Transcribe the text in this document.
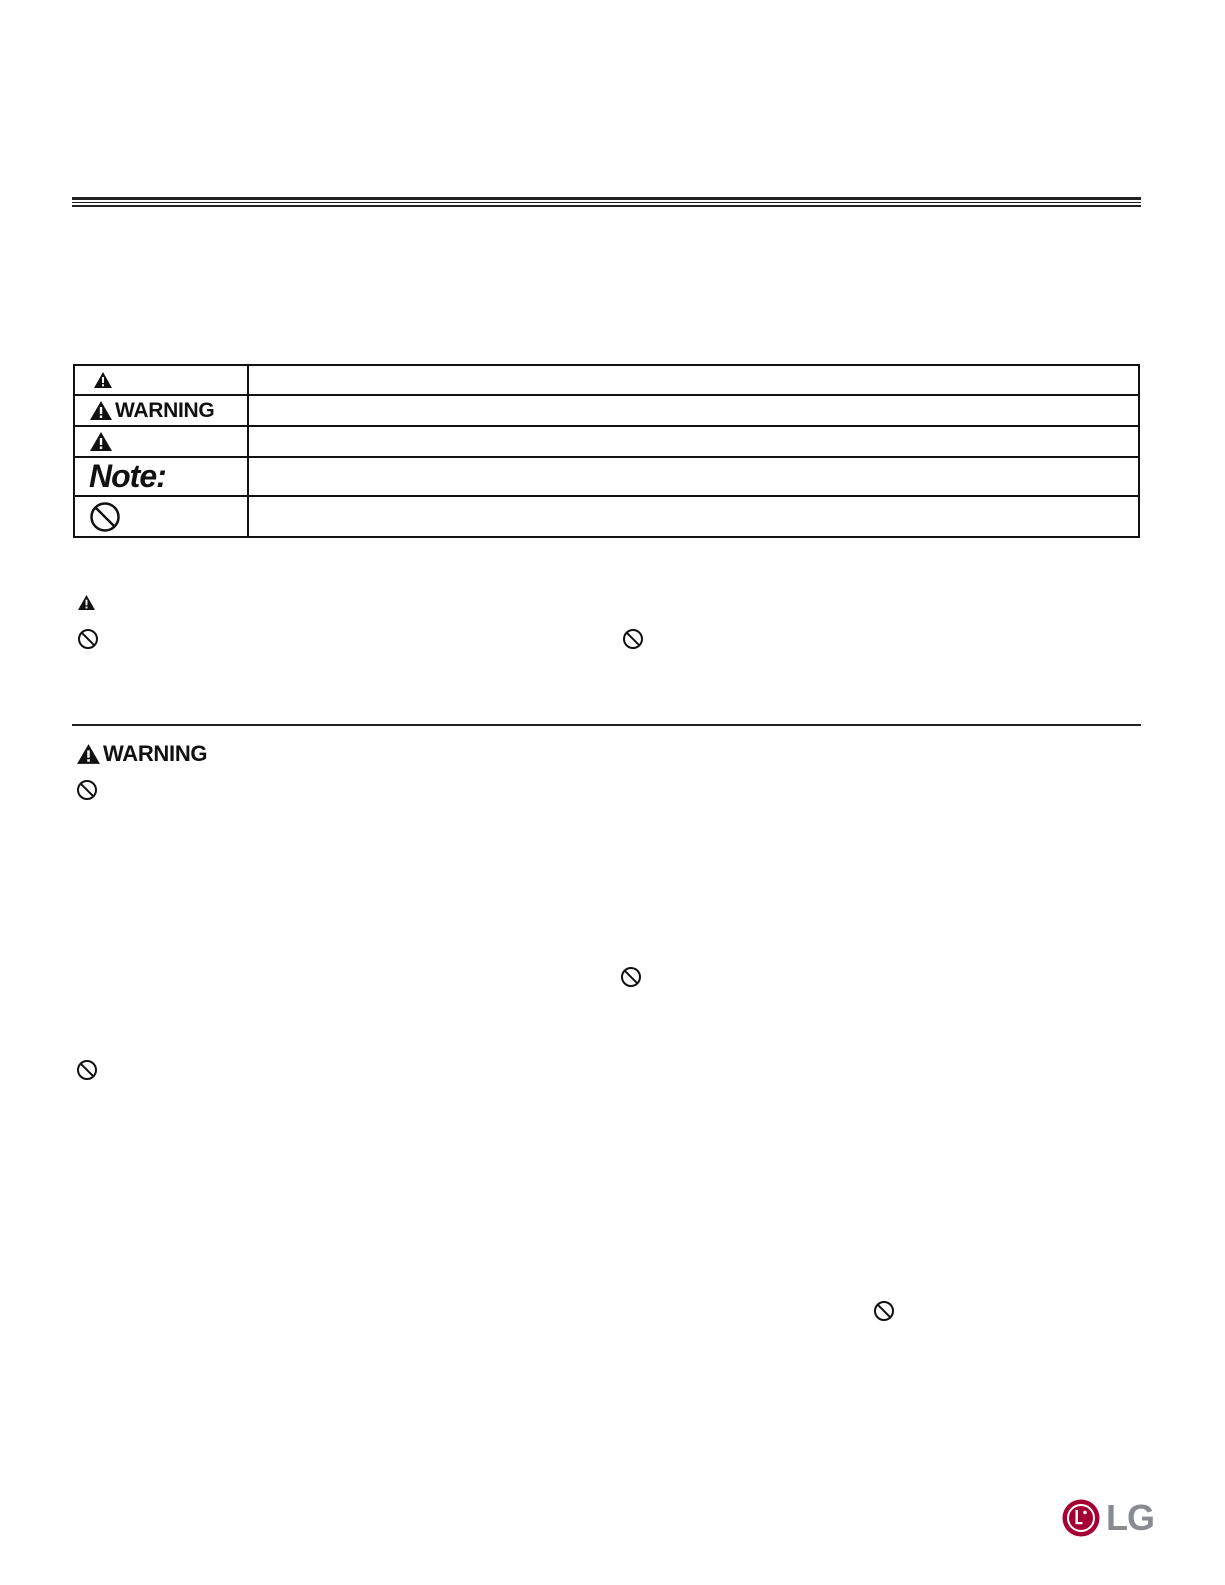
WARNING	

Note:	

WARNING
LG
